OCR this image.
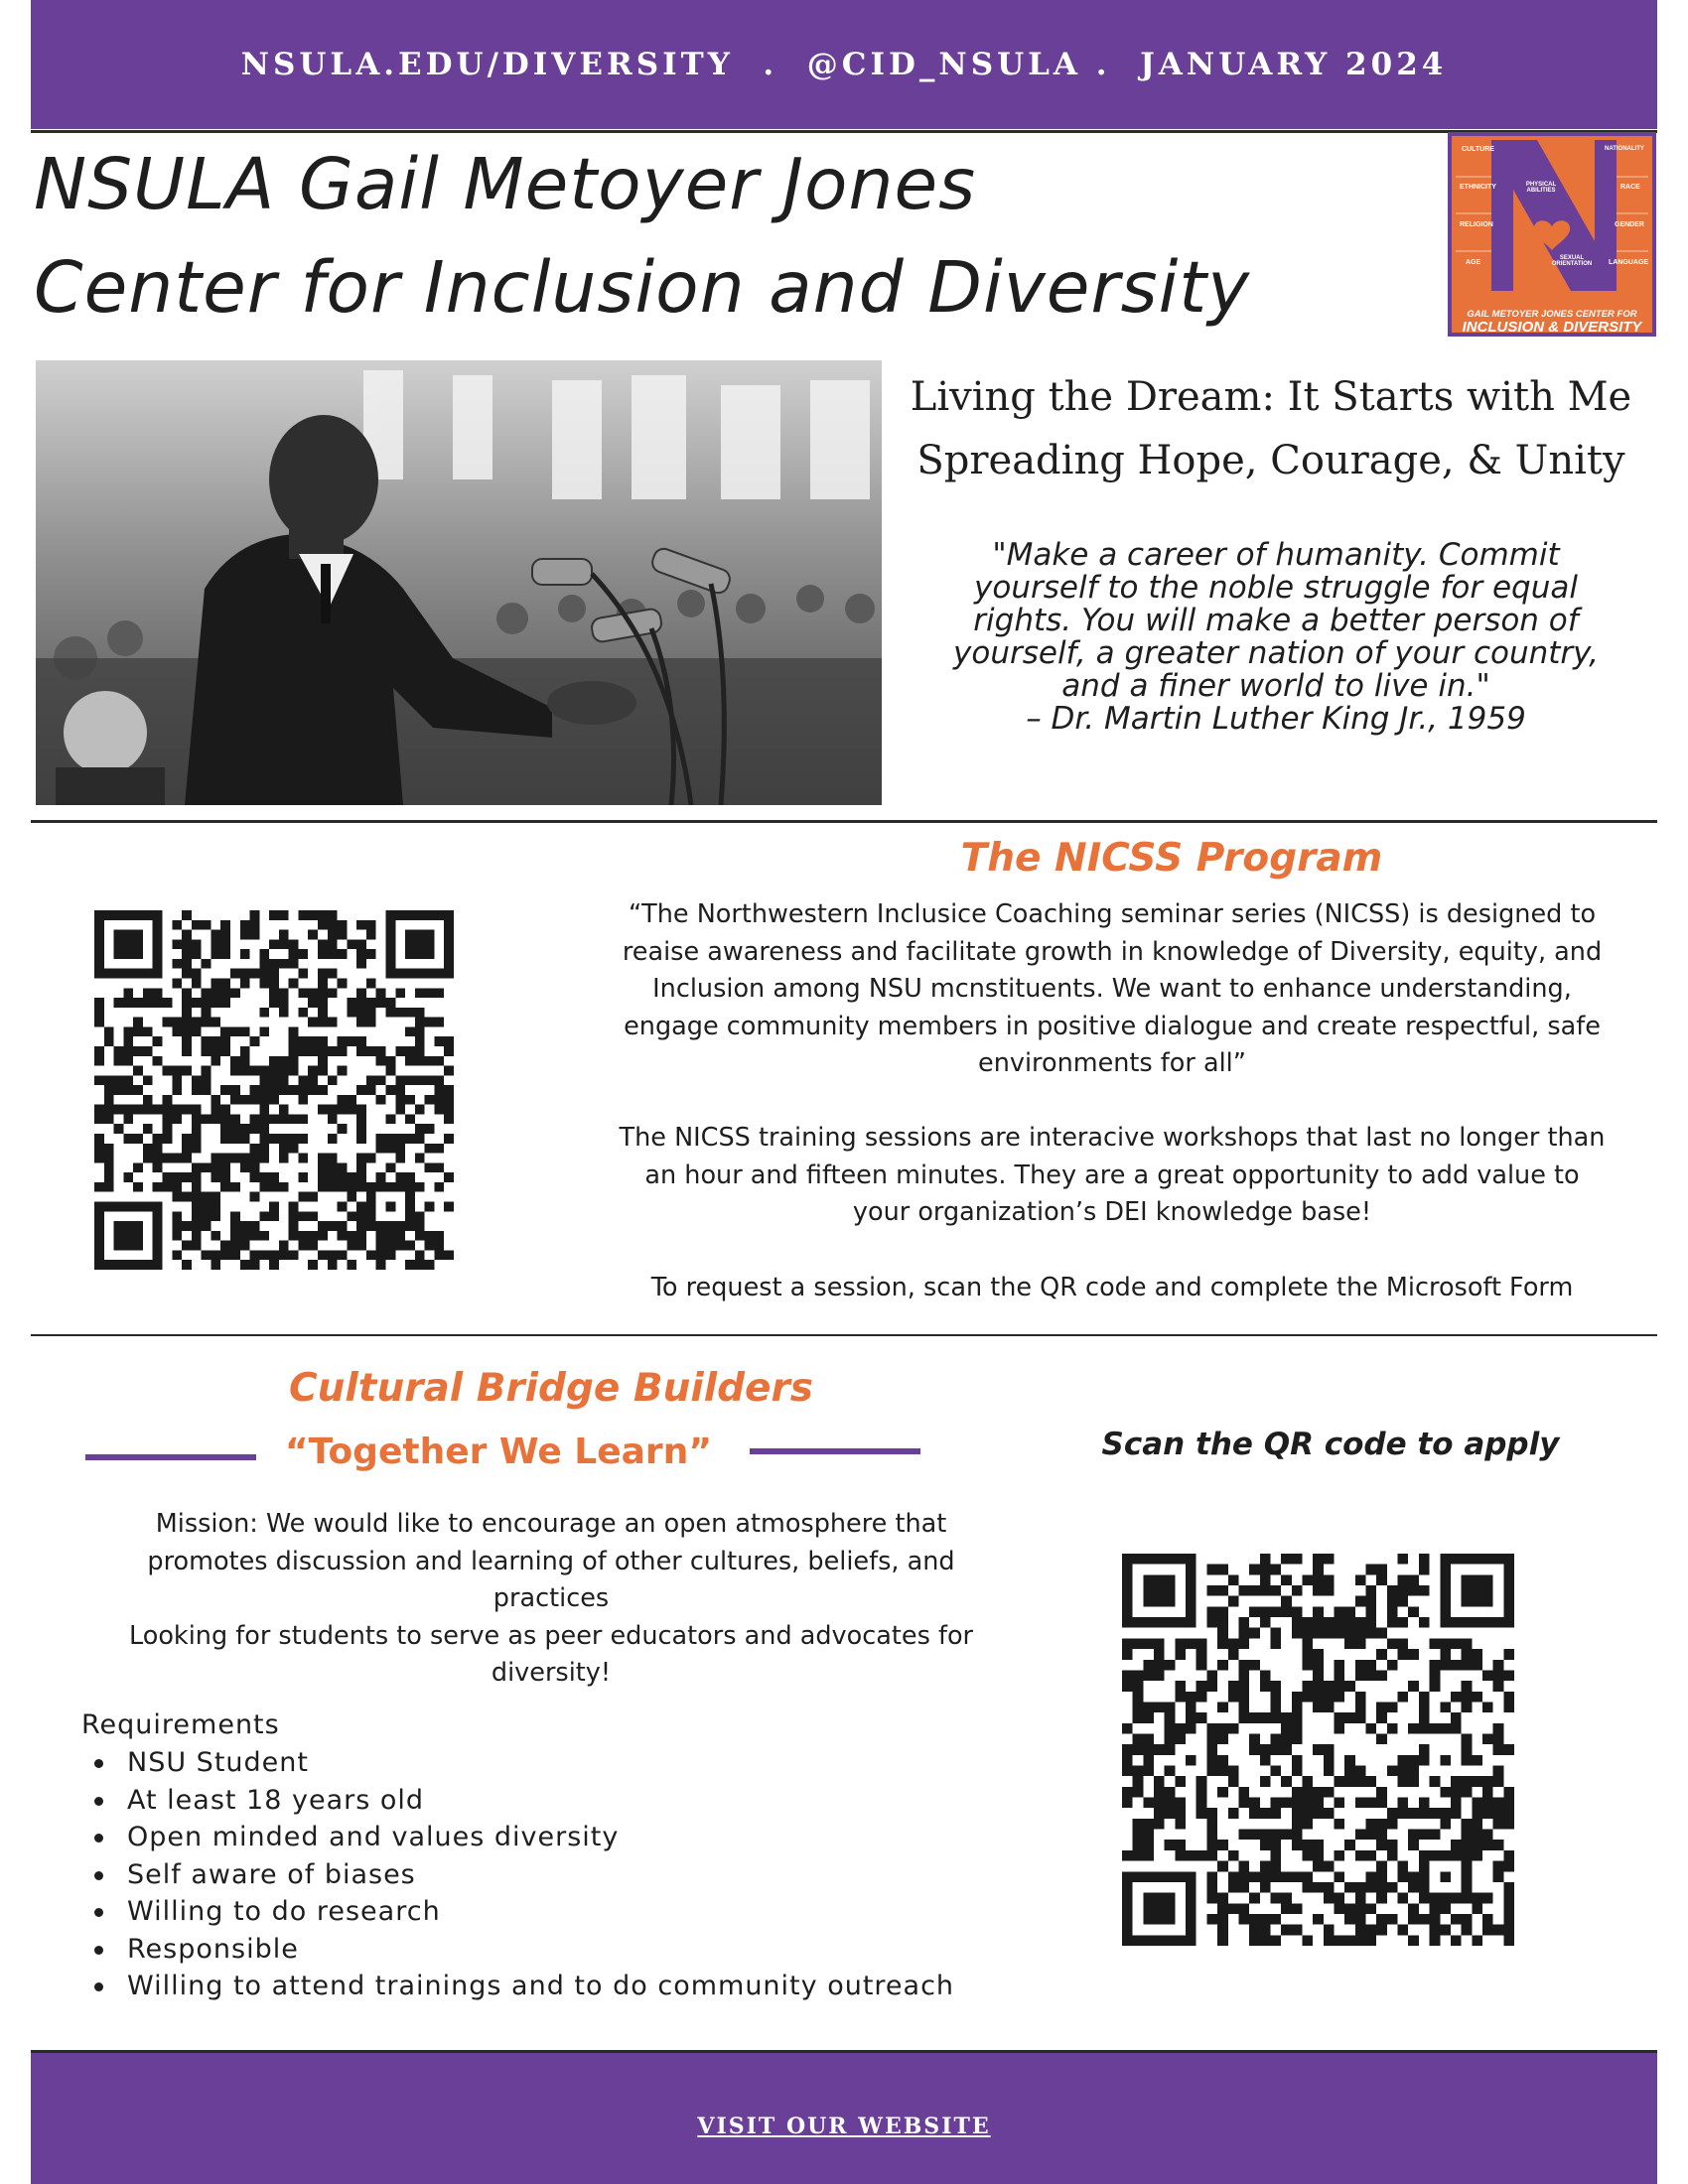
NSULA.EDU/DIVERSITY . @CID_NSULA . JANUARY 2024
NSULA Gail Metoyer Jones
Center for Inclusion and Diversity
CULTURE
ETHNICITY
RELIGION
AGE
PHYSICAL ABILITIES
SEXUAL ORIENTATION
NATIONALITY
RACE
GENDER
LANGUAGE
GAIL METOYER JONES CENTER FOR
INCLUSION & DIVERSITY
Living the Dream: It Starts with Me
Spreading Hope, Courage, & Unity
"Make a career of humanity. Commit
yourself to the noble struggle for equal
rights. You will make a better person of
yourself, a greater nation of your country,
and a finer world to live in."
– Dr. Martin Luther King Jr., 1959
The NICSS Program

“The Northwestern Inclusice Coaching seminar series (NICSS) is designed to

reaise awareness and facilitate growth in knowledge of Diversity, equity, and

Inclusion among NSU mcnstituents. We want to enhance understanding,

engage community members in positive dialogue and create respectful, safe

environments for all”

The NICSS training sessions are interacive workshops that last no longer than

an hour and fifteen minutes. They are a great opportunity to add value to

your organization’s DEI knowledge base!

To request a session, scan the QR code and complete the Microsoft Form
Cultural Bridge Builders
“Together We Learn”

Mission: We would like to encourage an open atmosphere that

promotes discussion and learning of other cultures, beliefs, and

practices

Looking for students to serve as peer educators and advocates for

diversity!

Requirements
NSU Student
At least 18 years old
Open minded and values diversity
Self aware of biases
Willing to do research
Responsible
Willing to attend trainings and to do community outreach
Scan the QR code to apply
VISIT OUR WEBSITE
